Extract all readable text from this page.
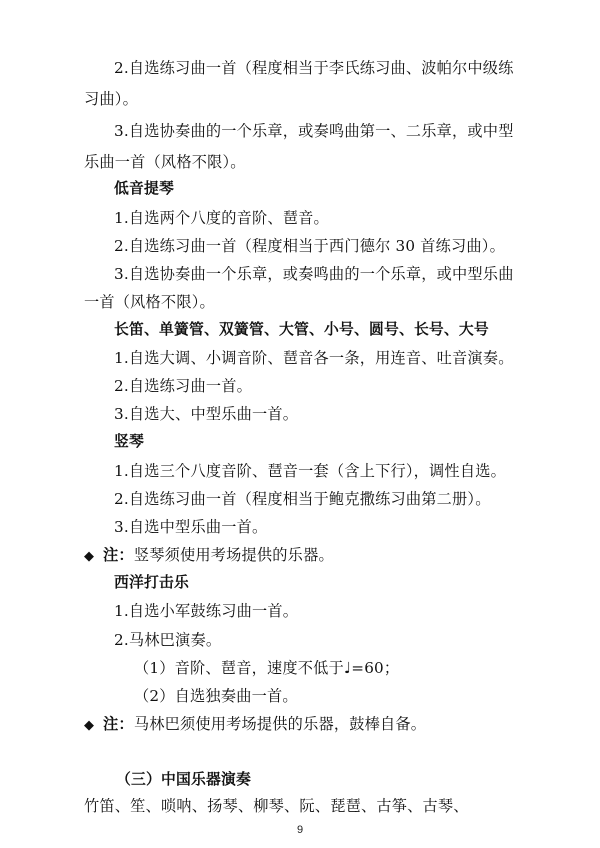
2.自选练习曲一首（程度相当于李氏练习曲、波帕尔中级练
习曲）。
3.自选协奏曲的一个乐章，或奏鸣曲第一、二乐章，或中型
乐曲一首（风格不限）。
低音提琴
1.自选两个八度的音阶、琶音。
2.自选练习曲一首（程度相当于西门德尔 30 首练习曲）。
3.自选协奏曲一个乐章，或奏鸣曲的一个乐章，或中型乐曲
一首（风格不限）。
长笛、单簧管、双簧管、大管、小号、圆号、长号、大号
1.自选大调、小调音阶、琶音各一条，用连音、吐音演奏。
2.自选练习曲一首。
3.自选大、中型乐曲一首。
竖琴
1.自选三个八度音阶、琶音一套（含上下行），调性自选。
2.自选练习曲一首（程度相当于鲍克撒练习曲第二册）。
3.自选中型乐曲一首。
◆ 注：竖琴须使用考场提供的乐器。
西洋打击乐
1.自选小军鼓练习曲一首。
2.马林巴演奏。
（1）音阶、琶音，速度不低于♩=60；
（2）自选独奏曲一首。
◆ 注：马林巴须使用考场提供的乐器，鼓棒自备。
（三）中国乐器演奏
竹笛、笙、唢呐、扬琴、柳琴、阮、琵琶、古筝、古琴、
9
